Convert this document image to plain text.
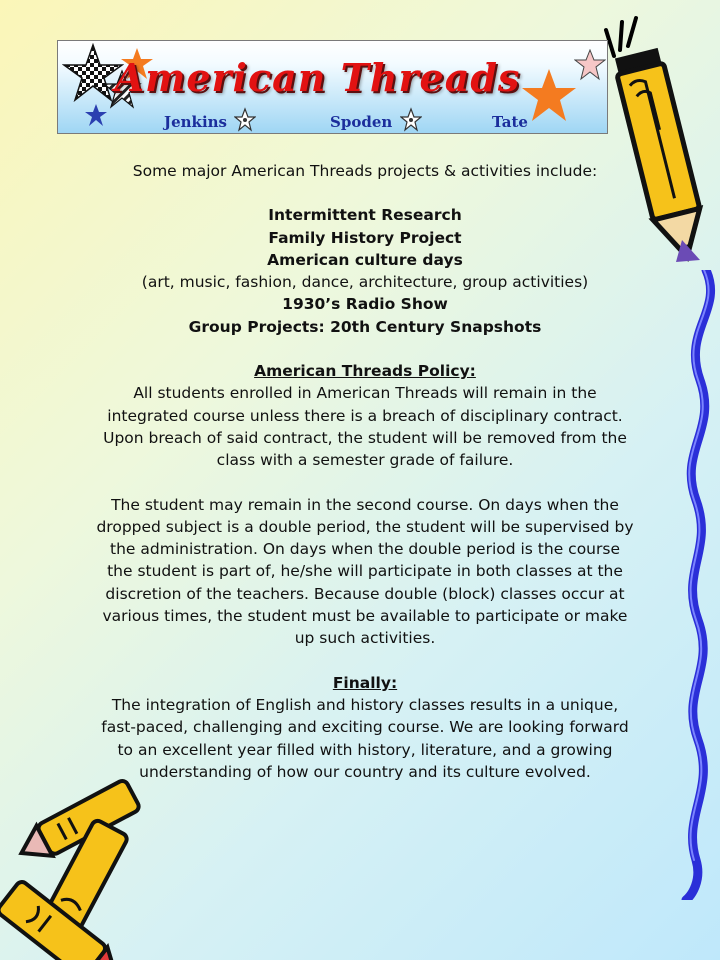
American Threads
Jenkins	Spoden	Tate

Some major American Threads projects & activities include:

Intermittent Research

Family History Project

American culture days

(art, music, fashion, dance, architecture, group activities)

1930’s Radio Show

Group Projects: 20th Century Snapshots

American Threads Policy:

All students enrolled in American Threads will remain in the

integrated course unless there is a breach of disciplinary contract.

Upon breach of said contract, the student will be removed from the

class with a semester grade of failure.

The student may remain in the second course. On days when the

dropped subject is a double period, the student will be supervised by

the administration. On days when the double period is the course

the student is part of, he/she will participate in both classes at the

discretion of the teachers. Because double (block) classes occur at

various times, the student must be available to participate or make

up such activities.

Finally:

The integration of English and history classes results in a unique,

fast-paced, challenging and exciting course. We are looking forward

to an excellent year filled with history, literature, and a growing

understanding of how our country and its culture evolved.
